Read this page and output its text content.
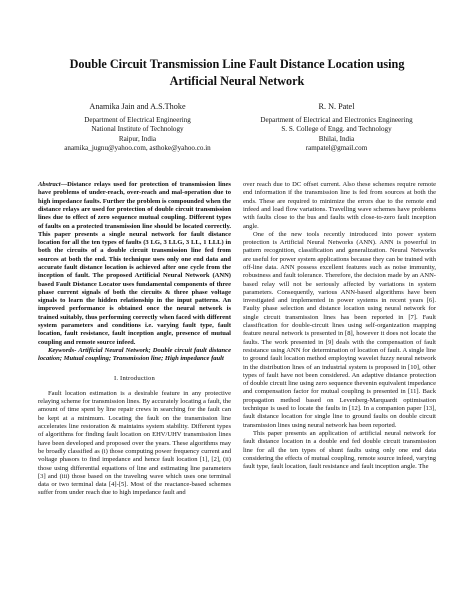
Double Circuit Transmission Line Fault Distance Location using
Artificial Neural Network
Anamika Jain and A.S.Thoke
Department of Electrical Engineering
National Institute of Technology
Raipur, India
anamika_jugnu@yahoo.com, asthoke@yahoo.co.in
R. N. Patel
Department of Electrical and Electronics Engineering
S. S. College of Engg. and Technology
Bhilai, India
rampatel@gmail.com

Abstract—Distance relays used for protection of transmission lines have problems of under-reach, over-reach and mal-operation due to high impedance faults. Further the problem is compounded when the distance relays are used for protection of double circuit transmission lines due to effect of zero sequence mutual coupling. Different types of faults on a protected transmission line should be located correctly. This paper presents a single neural network for fault distance location for all the ten types of faults (3 LG, 3 LLG, 3 LL, 1 LLL) in both the circuits of a double circuit transmission line fed from sources at both the end. This technique uses only one end data and accurate fault distance location is achieved after one cycle from the inception of fault. The proposed Artificial Neural Network (ANN) based Fault Distance Locator uses fundamental components of three phase current signals of both the circuits & three phase voltage signals to learn the hidden relationship in the input patterns. An improved performance is obtained once the neural network is trained suitably, thus performing correctly when faced with different system parameters and conditions i.e. varying fault type, fault location, fault resistance, fault inception angle, presence of mutual coupling and remote source infeed.

Keywords- Artificial Neural Network; Double circuit fault distance location; Mutual coupling; Transmission line; High impedance fault

I. Introduction

Fault location estimation is a desirable feature in any protective relaying scheme for transmission lines. By accurately locating a fault, the amount of time spent by line repair crews in searching for the fault can be kept at a minimum. Locating the fault on the transmission line accelerates line restoration & maintains system stability. Different types of algorithms for finding fault location on EHV/UHV transmission lines have been developed and proposed over the years. These algorithms may be broadly classified as (i) those computing power frequency current and voltage phasors to find impedance and hence fault location [1], [2], (ii) those using differential equations of line and estimating line parameters [3] and (iii) those based on the traveling wave which uses one terminal data or two terminal data [4]-[5]. Most of the reactance-based schemes suffer from under reach due to high impedance fault and

over reach due to DC offset current. Also these schemes require remote end information if the transmission line is fed from sources at both the ends. These are required to minimize the errors due to the remote end infeed and load flow variations. Travelling wave schemes have problems with faults close to the bus and faults with close-to-zero fault inception angle.

One of the new tools recently introduced into power system protection is Artificial Neural Networks (ANN). ANN is powerful in pattern recognition, classification and generalization. Neural Networks are useful for power system applications because they can be trained with off-line data. ANN possess excellent features such as noise immunity, robustness and fault tolerance. Therefore, the decision made by an ANN-based relay will not be seriously affected by variations in system parameters. Consequently, various ANN-based algorithms have been investigated and implemented in power systems in recent years [6]. Faulty phase selection and distance location using neural network for single circuit transmission lines has been reported in [7]. Fault classification for double-circuit lines using self-organization mapping feature neural network is presented in [8], however it does not locate the faults. The work presented in [9] deals with the compensation of fault resistance using ANN for determination of location of fault. A single line to ground fault location method employing wavelet fuzzy neural network in the distribution lines of an industrial system is proposed in [10], other types of fault have not been considered. An adaptive distance protection of double circuit line using zero sequence thevenin equivalent impedance and compensation factor for mutual coupling is presented in [11]. Back propagation method based on Levenberg-Marquardt optimisation technique is used to locate the faults in [12]. In a companion paper [13], fault distance location for single line to ground faults on double circuit transmission lines using neural network has been reported.

This paper presents an application of artificial neural network for fault distance location in a double end fed double circuit transmission line for all the ten types of shunt faults using only one end data considering the effects of mutual coupling, remote source infeed, varying fault type, fault location, fault resistance and fault inception angle. The
